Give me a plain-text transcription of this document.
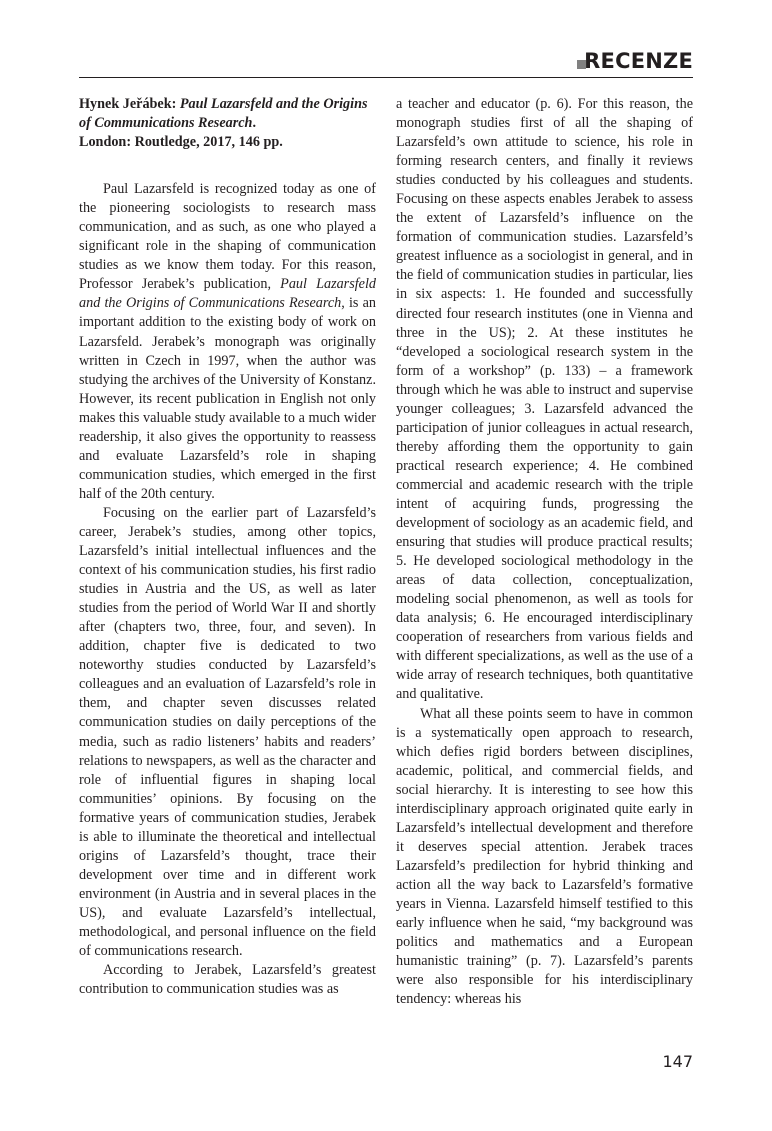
RECENZE
Hynek Jeřábek: Paul Lazarsfeld and the Origins of Communications Research.
London: Routledge, 2017, 146 pp.

Paul Lazarsfeld is recognized today as one of the pioneering sociologists to research mass communication, and as such, as one who played a significant role in the shaping of communication studies as we know them today. For this reason, Professor Jerabek’s publication, Paul Lazarsfeld and the Origins of Communications Research, is an important addition to the existing body of work on Lazarsfeld. Jerabek’s monograph was originally written in Czech in 1997, when the author was studying the archives of the University of Konstanz. However, its recent publication in English not only makes this valuable study available to a much wider readership, it also gives the opportunity to reassess and evaluate Lazarsfeld’s role in shaping communication studies, which emerged in the first half of the 20th century.

Focusing on the earlier part of Lazarsfeld’s career, Jerabek’s studies, among other topics, Lazarsfeld’s initial intellectual influences and the context of his communication studies, his first radio studies in Austria and the US, as well as later studies from the period of World War II and shortly after (chapters two, three, four, and seven). In addition, chapter five is dedicated to two noteworthy studies conducted by Lazarsfeld’s colleagues and an evaluation of Lazarsfeld’s role in them, and chapter seven discusses related communication studies on daily perceptions of the media, such as radio listeners’ habits and readers’ relations to newspapers, as well as the character and role of influential figures in shaping local communities’ opinions. By focusing on the formative years of communication studies, Jerabek is able to illuminate the theoretical and intellectual origins of Lazarsfeld’s thought, trace their development over time and in different work environment (in Austria and in several places in the US), and evaluate Lazarsfeld’s intellectual, methodological, and personal influence on the field of communications research.

According to Jerabek, Lazarsfeld’s greatest contribution to communication studies was as

a teacher and educator (p. 6). For this reason, the monograph studies first of all the shaping of Lazarsfeld’s own attitude to science, his role in forming research centers, and finally it reviews studies conducted by his colleagues and students. Focusing on these aspects enables Jerabek to assess the extent of Lazarsfeld’s influence on the formation of communication studies. Lazarsfeld’s greatest influence as a sociologist in general, and in the field of communication studies in particular, lies in six aspects: 1. He founded and successfully directed four research institutes (one in Vienna and three in the US); 2. At these institutes he “developed a sociological research system in the form of a workshop” (p. 133) – a framework through which he was able to instruct and supervise younger colleagues; 3. Lazarsfeld advanced the participation of junior colleagues in actual research, thereby affording them the opportunity to gain practical research experience; 4. He combined commercial and academic research with the triple intent of acquiring funds, progressing the development of sociology as an academic field, and ensuring that studies will produce practical results; 5. He developed sociological methodology in the areas of data collection, conceptualization, modeling social phenomenon, as well as tools for data analysis; 6. He encouraged interdisciplinary cooperation of researchers from various fields and with different specializations, as well as the use of a wide array of research techniques, both quantitative and qualitative.

What all these points seem to have in common is a systematically open approach to research, which defies rigid borders between disciplines, academic, political, and commercial fields, and social hierarchy. It is interesting to see how this interdisciplinary approach originated quite early in Lazarsfeld’s intellectual development and therefore it deserves special attention. Jerabek traces Lazarsfeld’s predilection for hybrid thinking and action all the way back to Lazarsfeld’s formative years in Vienna. Lazarsfeld himself testified to this early influence when he said, “my background was politics and mathematics and a European humanistic training” (p. 7). Lazarsfeld’s parents were also responsible for his interdisciplinary tendency: whereas his

147
